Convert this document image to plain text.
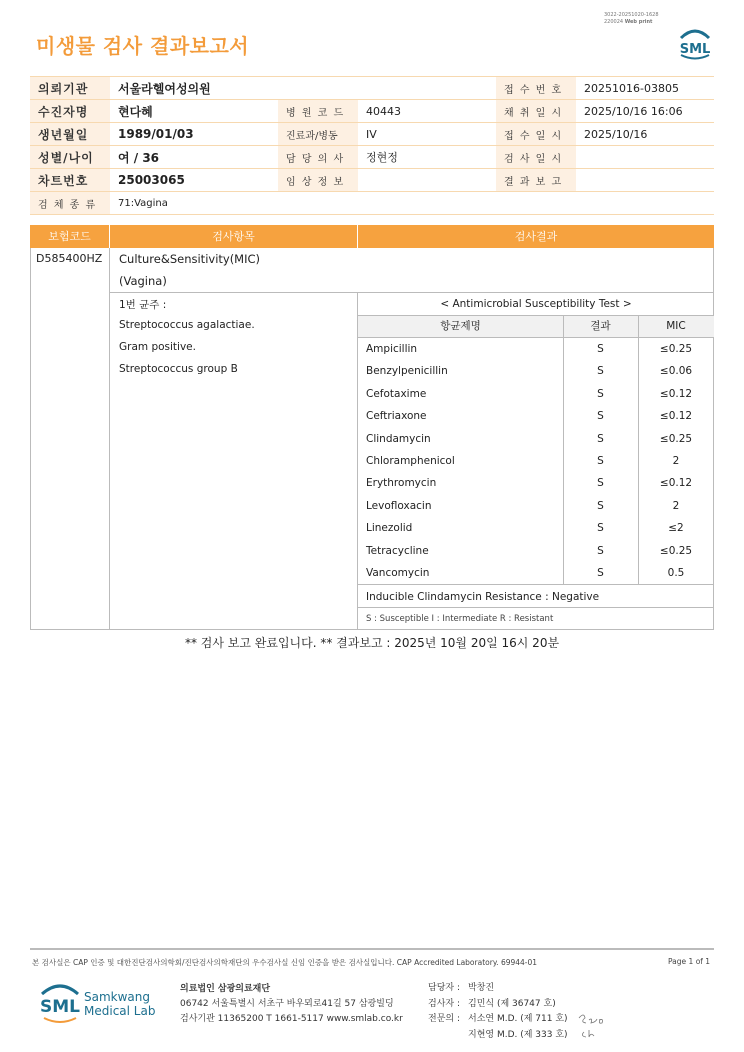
미생물 검사 결과보고서
3022-20251020-1628
220024 Web print
SML
의뢰기관	서울라헬여성의원			접 수 번 호	20251016-03805
수진자명	현다혜	병 원 코 드	40443	채 취 일 시	2025/10/16 16:06
생년월일	1989/01/03	진료과/병동	IV	접 수 일 시	2025/10/16
성별/나이	여 / 36	담 당 의 사	정현정	검 사 일 시	
차트번호	25003065	임 상 정 보		결 과 보 고	
검 체 종 류	71:Vagina				
보험코드	검사항목	검사결과
D585400HZ Culture&Sensitivity(MIC)
(Vagina)
1번 균주 :
Streptococcus agalactiae.
Gram positive.
Streptococcus group B
< Antimicrobial Susceptibility Test >
항균제명	결과	MIC
Ampicillin	S	≤0.25
Benzylpenicillin	S	≤0.06
Cefotaxime	S	≤0.12
Ceftriaxone	S	≤0.12
Clindamycin	S	≤0.25
Chloramphenicol	S	2
Erythromycin	S	≤0.12
Levofloxacin	S	2
Linezolid	S	≤2
Tetracycline	S	≤0.25
Vancomycin	S	0.5
Inducible Clindamycin Resistance : Negative
S : Susceptible I : Intermediate R : Resistant
** 검사 보고 완료입니다. ** 결과보고 : 2025년 10월 20일 16시 20분
본 검사실은 CAP 인증 및 대한진단검사의학회/진단검사의학재단의 우수검사실 신임 인증을 받은 검사실입니다. CAP Accredited Laboratory. 69944-01	Page 1 of 1
SML Samkwang
Medical Lab
의료법인 삼광의료재단
06742 서울특별시 서초구 바우뫼로41길 57 삼광빌딩
검사기관 11365200 T 1661-5117 www.smlab.co.kr
담당자 : 박창진
검사자 : 김민식 (제 36747 호)
전문의 : 서소연 M.D. (제 711 호)
지현영 M.D. (제 333 호)
